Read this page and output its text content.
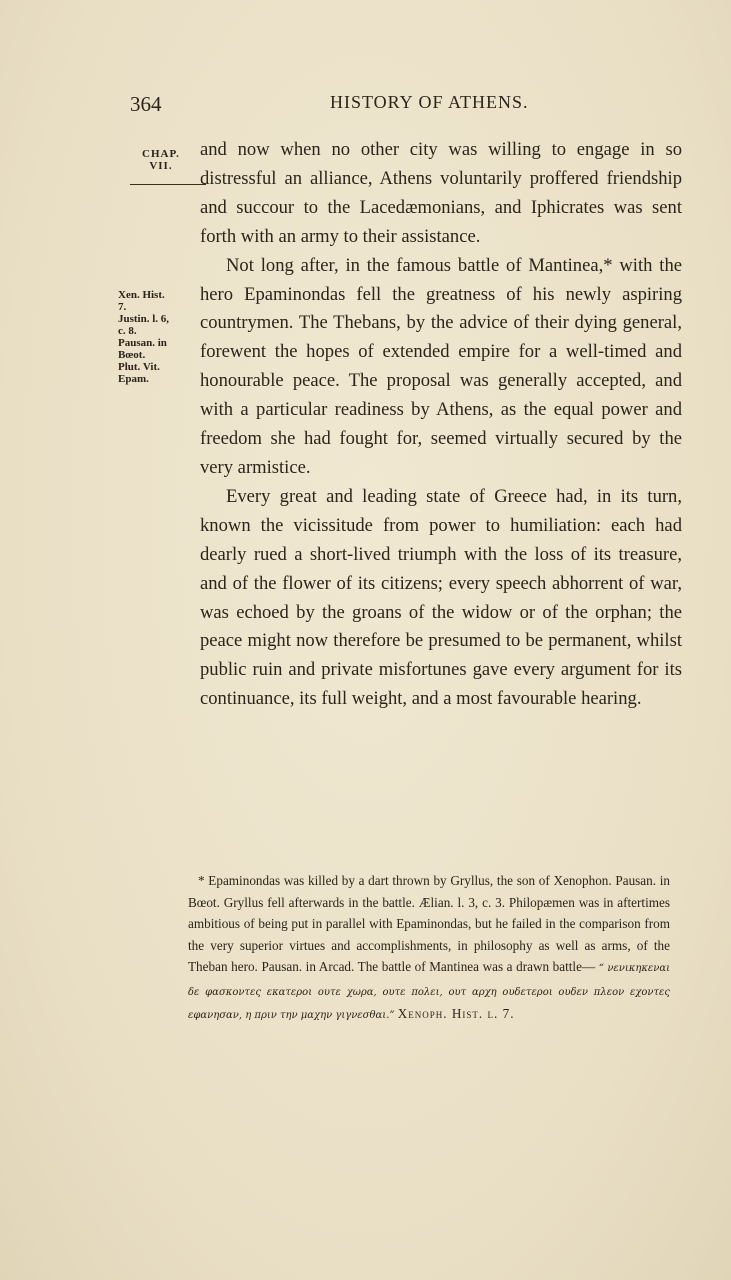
364	HISTORY OF ATHENS.
CHAP.
VII.
Xen. Hist.
7.
Justin. l. 6,
c. 8.
Pausan. in
Bœot.
Plut. Vit.
Epam.

and now when no other city was willing to engage in so distressful an alliance, Athens voluntarily proffered friendship and succour to the Lacedæmonians, and Iphicrates was sent forth with an army to their assistance.

Not long after, in the famous battle of Mantinea,* with the hero Epaminondas fell the greatness of his newly aspiring countrymen. The Thebans, by the advice of their dying general, forewent the hopes of extended empire for a well-timed and honourable peace. The proposal was generally accepted, and with a particular readiness by Athens, as the equal power and freedom she had fought for, seemed virtually secured by the very armistice.

Every great and leading state of Greece had, in its turn, known the vicissitude from power to humiliation: each had dearly rued a short-lived triumph with the loss of its treasure, and of the flower of its citizens; every speech abhorrent of war, was echoed by the groans of the widow or of the orphan; the peace might now therefore be presumed to be permanent, whilst public ruin and private misfortunes gave every argument for its continuance, its full weight, and a most favourable hearing.

* Epaminondas was killed by a dart thrown by Gryllus, the son of Xenophon. Pausan. in Bœot. Gryllus fell afterwards in the battle. Ælian. l. 3, c. 3. Philopæmen was in aftertimes ambitious of being put in parallel with Epaminondas, but he failed in the comparison from the very superior virtues and accomplishments, in philosophy as well as arms, of the Theban hero. Pausan. in Arcad. The battle of Mantinea was a drawn battle— “ νενικηκεναι δε φασκοντες εκατεροι ουτε χωρα, ουτε πολει, ουτ αρχη ουδετεροι ουδεν πλεον εχοντες εφανησαν, η πριν την μαχην γιγνεσθαι.” Xenoph. Hist. l. 7.
